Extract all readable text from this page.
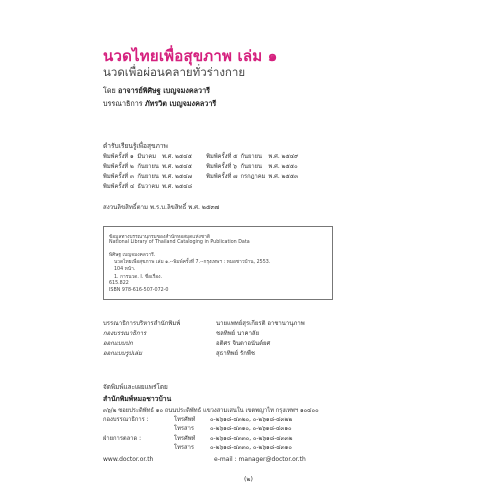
นวดไทยเพื่อสุขภาพ เล่ม ๑
นวดเพื่อผ่อนคลายทั่วร่างกาย
โดย อาจารย์พิศิษฐ เบญจมงคลวารี
บรรณาธิการ ภัทรวิต เบญจมงคลวารี
ตำรับเรียนรู้เพื่อสุขภาพ
พิมพ์ครั้งที่ ๑	มีนาคม	พ.ศ. ๒๕๔๕	พิมพ์ครั้งที่ ๕	กันยายน	พ.ศ. ๒๕๔๙
พิมพ์ครั้งที่ ๒	กันยายน	พ.ศ. ๒๕๔๕	พิมพ์ครั้งที่ ๖	กันยายน	พ.ศ. ๒๕๕๐
พิมพ์ครั้งที่ ๓	กันยายน	พ.ศ. ๒๕๔๗	พิมพ์ครั้งที่ ๗	กรกฎาคม	พ.ศ. ๒๕๕๓
พิมพ์ครั้งที่ ๔	ธันวาคม	พ.ศ. ๒๕๔๘			
สงวนลิขสิทธิ์ตาม พ.ร.บ.ลิขสิทธิ์ พ.ศ. ๒๕๓๗
ข้อมูลทางบรรณานุกรมของสำนักหอสมุดแห่งชาติ
National Library of Thailand Cataloging in Publication Data
พิศิษฐ เบญจมงคลวารี.
นวดไทยเพื่อสุขภาพ เล่ม ๑.--พิมพ์ครั้งที่ 7.--กรุงเทพฯ : หมอชาวบ้าน, 2553.
104 หน้า.
1. การนวด. I. ชื่อเรื่อง.
615.822
ISBN 978-616-507-072-0
บรรณาธิการบริหารสำนักพิมพ์	นายแพทย์สุรเกียรติ อาชานานุภาพ
กองบรรณาธิการ	ชลทิพย์ นาคาลัย
ออกแบบปก	อติศร จินดาอนันต์ยศ
ออกแบบรูปเล่ม	สุธาทิพย์ รักพืช
จัดพิมพ์และเผยแพร่โดย
สำนักพิมพ์หมอชาวบ้าน
๓๖/๒ ซอยประดิพัทธ์ ๑๐ ถนนประดิพัทธ์ แขวงสามเสนใน เขตพญาไท กรุงเทพฯ ๑๐๔๐๐
กองบรรณาธิการ :	โทรศัพท์	๐-๒๖๑๘-๔๓๒๐, ๐-๒๖๑๘-๔๓๒๒
โทรสาร	๐-๒๖๑๘-๔๓๑๐, ๐-๒๖๑๘-๔๓๑๐
ฝ่ายการตลาด :	โทรศัพท์	๐-๒๖๑๘-๔๓๓๐, ๐-๒๖๑๘-๔๓๓๒
โทรสาร	๐-๒๖๑๘-๔๓๓๐, ๐-๒๖๑๘-๔๓๑๐
www.doctor.or.th	e-mail : manager@doctor.or.th
(๒)
